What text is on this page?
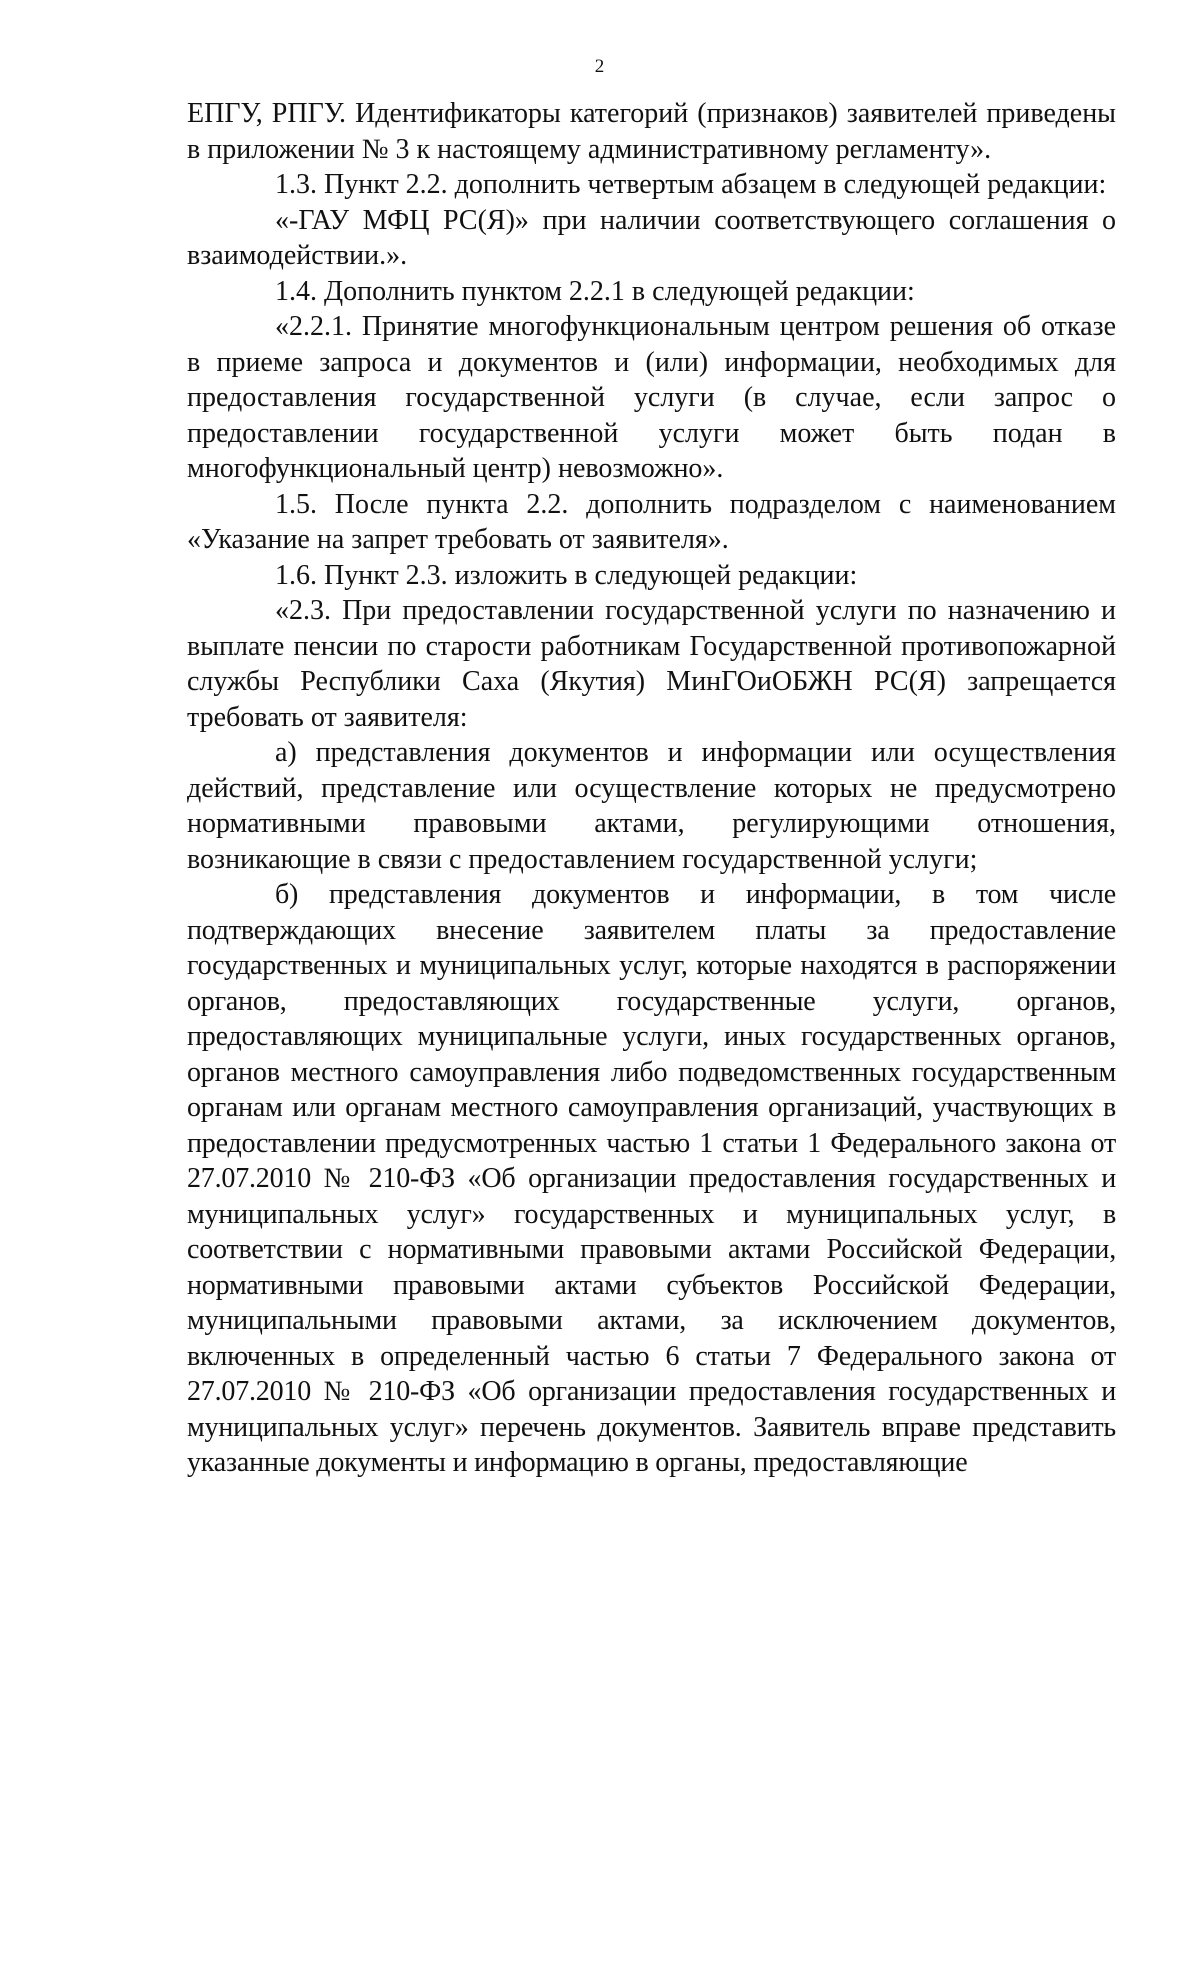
2

ЕПГУ, РПГУ. Идентификаторы категорий (признаков) заявителей приведены в приложении № 3 к настоящему административному регламенту».

1.3. Пункт 2.2. дополнить четвертым абзацем в следующей редакции:

«-ГАУ МФЦ РС(Я)» при наличии соответствующего соглашения о взаимодействии.».

1.4. Дополнить пунктом 2.2.1 в следующей редакции:

«2.2.1. Принятие многофункциональным центром решения об отказе в приеме запроса и документов и (или) информации, необходимых для предоставления государственной услуги (в случае, если запрос о предоставлении государственной услуги может быть подан в многофункциональный центр) невозможно».

1.5. После пункта 2.2. дополнить подразделом с наименованием «Указание на запрет требовать от заявителя».

1.6. Пункт 2.3. изложить в следующей редакции:

«2.3. При предоставлении государственной услуги по назначению и выплате пенсии по старости работникам Государственной противопожарной службы Республики Саха (Якутия) МинГОиОБЖН РС(Я) запрещается требовать от заявителя:

а) представления документов и информации или осуществления действий, представление или осуществление которых не предусмотрено нормативными правовыми актами, регулирующими отношения, возникающие в связи с предоставлением государственной услуги;

б) представления документов и информации, в том числе подтверждающих внесение заявителем платы за предоставление государственных и муниципальных услуг, которые находятся в распоряжении органов, предоставляющих государственные услуги, органов, предоставляющих муниципальные услуги, иных государственных органов, органов местного самоуправления либо подведомственных государственным органам или органам местного самоуправления организаций, участвующих в предоставлении предусмотренных частью 1 статьи 1 Федерального закона от 27.07.2010 № 210-ФЗ «Об организации предоставления государственных и муниципальных услуг» государственных и муниципальных услуг, в соответствии с нормативными правовыми актами Российской Федерации, нормативными правовыми актами субъектов Российской Федерации, муниципальными правовыми актами, за исключением документов, включенных в определенный частью 6 статьи 7 Федерального закона от 27.07.2010 № 210-ФЗ «Об организации предоставления государственных и муниципальных услуг» перечень документов. Заявитель вправе представить указанные документы и информацию в органы, предоставляющие
